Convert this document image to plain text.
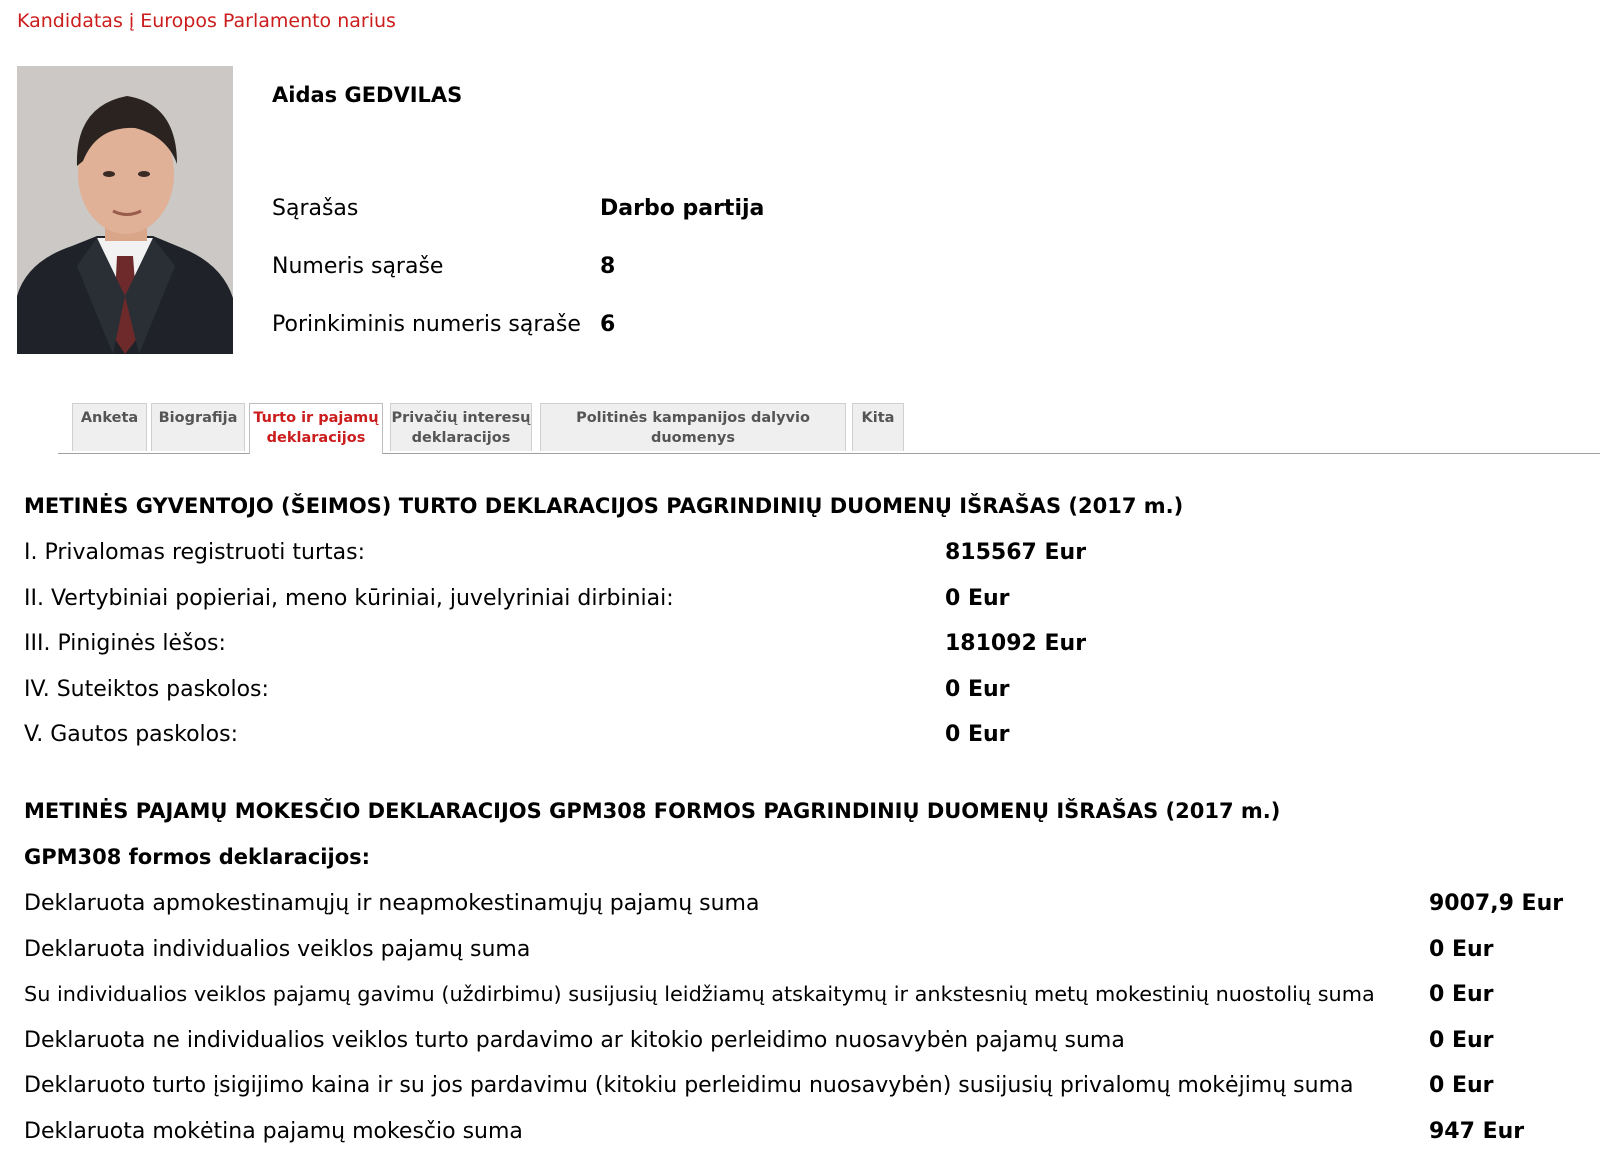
Kandidatas į Europos Parlamento narius
Aidas GEDVILAS
Sąrašas	Darbo partija
Numeris sąraše	8
Porinkiminis numeris sąraše 6
Anketa	Biografija	Turto ir pajamų
deklaracijos
Privačių interesų
deklaracijos
Politinės kampanijos dalyvio duomenys
Kita
METINĖS GYVENTOJO (ŠEIMOS) TURTO DEKLARACIJOS PAGRINDINIŲ DUOMENŲ IŠRAŠAS (2017 m.)
I. Privalomas registruoti turtas:	815567 Eur
II. Vertybiniai popieriai, meno kūriniai, juvelyriniai dirbiniai:	0 Eur
III. Piniginės lėšos:	181092 Eur
IV. Suteiktos paskolos:	0 Eur
V. Gautos paskolos:	0 Eur
METINĖS PAJAMŲ MOKESČIO DEKLARACIJOS GPM308 FORMOS PAGRINDINIŲ DUOMENŲ IŠRAŠAS (2017 m.)
GPM308 formos deklaracijos:
Deklaruota apmokestinamųjų ir neapmokestinamųjų pajamų suma	9007,9 Eur
Deklaruota individualios veiklos pajamų suma	0 Eur
Su individualios veiklos pajamų gavimu (uždirbimu) susijusių leidžiamų atskaitymų ir ankstesnių metų mokestinių nuostolių suma 0 Eur
Deklaruota ne individualios veiklos turto pardavimo ar kitokio perleidimo nuosavybėn pajamų suma	0 Eur
Deklaruoto turto įsigijimo kaina ir su jos pardavimu (kitokiu perleidimu nuosavybėn) susijusių privalomų mokėjimų suma	0 Eur
Deklaruota mokėtina pajamų mokesčio suma	947 Eur
